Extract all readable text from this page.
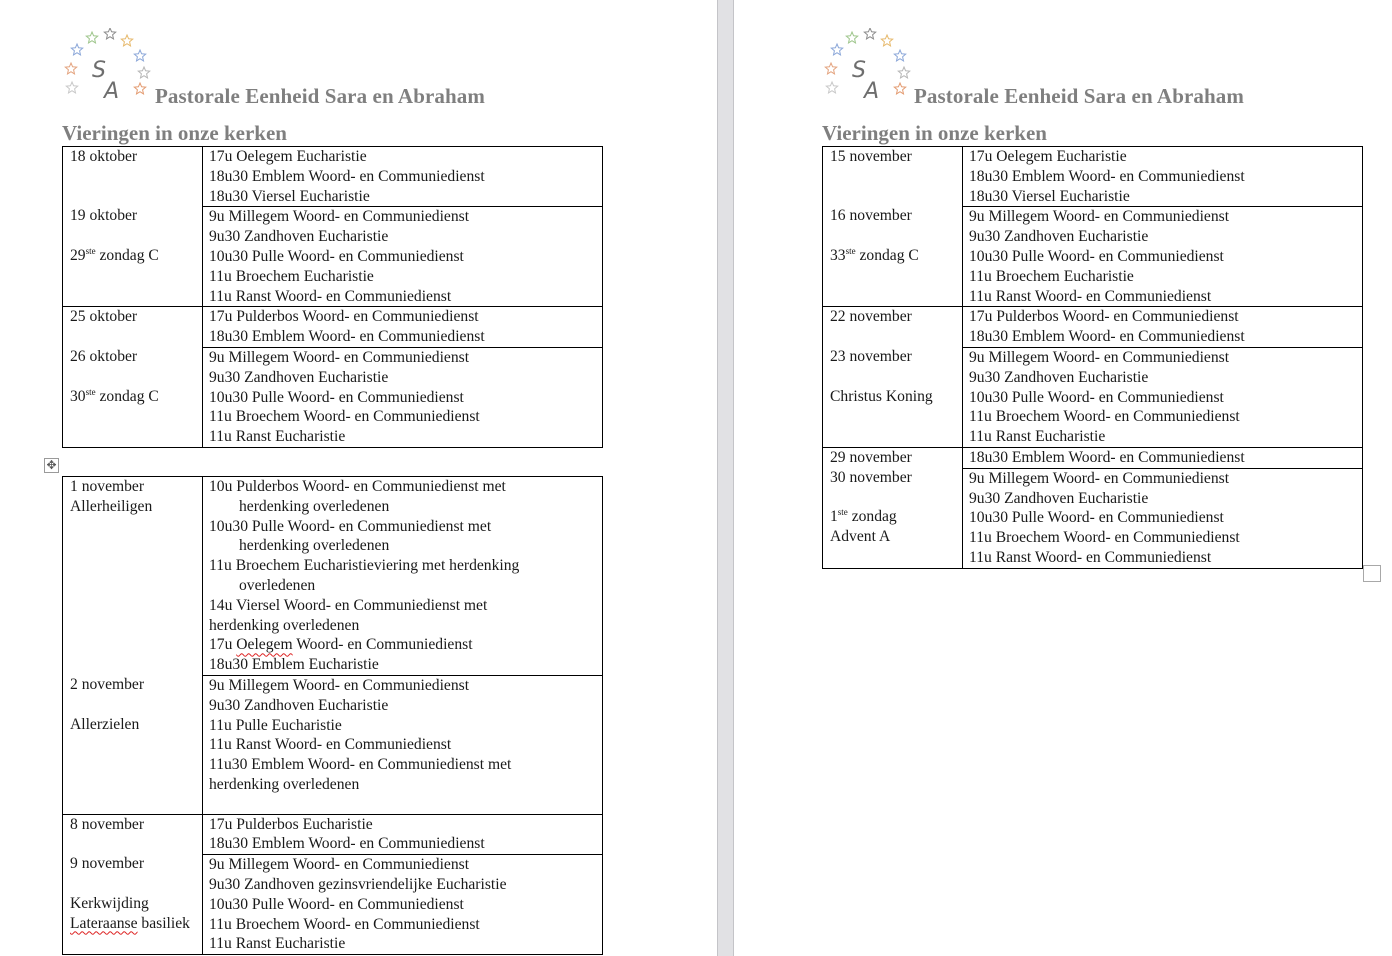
S
A Pastorale Eenheid Sara en Abraham
Vieringen in onze kerken
18 oktober

19 oktober

29ste zondag C

17u Oelegem Eucharistie
18u30 Emblem Woord- en Communiedienst
18u30 Viersel Eucharistie
9u Millegem Woord- en Communiedienst
9u30 Zandhoven Eucharistie
10u30 Pulle Woord- en Communiedienst
11u Broechem Eucharistie
11u Ranst Woord- en Communiedienst
25 oktober

26 oktober

30ste zondag C

17u Pulderbos Woord- en Communiedienst
18u30 Emblem Woord- en Communiedienst
9u Millegem Woord- en Communiedienst
9u30 Zandhoven Eucharistie
10u30 Pulle Woord- en Communiedienst
11u Broechem Woord- en Communiedienst
11u Ranst Eucharistie
✥
1 november
Allerheiligen

2 november

Allerzielen

10u Pulderbos Woord- en Communiedienst met
herdenking overledenen
10u30 Pulle Woord- en Communiedienst met
herdenking overledenen
11u Broechem Eucharistieviering met herdenking
overledenen
14u Viersel Woord- en Communiedienst met
herdenking overledenen
17u Oelegem Woord- en Communiedienst
18u30 Emblem Eucharistie
9u Millegem Woord- en Communiedienst
9u30 Zandhoven Eucharistie
11u Pulle Eucharistie
11u Ranst Woord- en Communiedienst
11u30 Emblem Woord- en Communiedienst met
herdenking overledenen
8 november

9 november

Kerkwijding
Lateraanse basiliek

17u Pulderbos Eucharistie
18u30 Emblem Woord- en Communiedienst
9u Millegem Woord- en Communiedienst
9u30 Zandhoven gezinsvriendelijke Eucharistie
10u30 Pulle Woord- en Communiedienst
11u Broechem Woord- en Communiedienst
11u Ranst Eucharistie
S
A Pastorale Eenheid Sara en Abraham
Vieringen in onze kerken
15 november

16 november

33ste zondag C

17u Oelegem Eucharistie
18u30 Emblem Woord- en Communiedienst
18u30 Viersel Eucharistie
9u Millegem Woord- en Communiedienst
9u30 Zandhoven Eucharistie
10u30 Pulle Woord- en Communiedienst
11u Broechem Eucharistie
11u Ranst Woord- en Communiedienst
22 november

23 november

Christus Koning

17u Pulderbos Woord- en Communiedienst
18u30 Emblem Woord- en Communiedienst
9u Millegem Woord- en Communiedienst
9u30 Zandhoven Eucharistie
10u30 Pulle Woord- en Communiedienst
11u Broechem Woord- en Communiedienst
11u Ranst Eucharistie
29 november
30 november

1ste zondag
Advent A

18u30 Emblem Woord- en Communiedienst
9u Millegem Woord- en Communiedienst
9u30 Zandhoven Eucharistie
10u30 Pulle Woord- en Communiedienst
11u Broechem Woord- en Communiedienst
11u Ranst Woord- en Communiedienst
